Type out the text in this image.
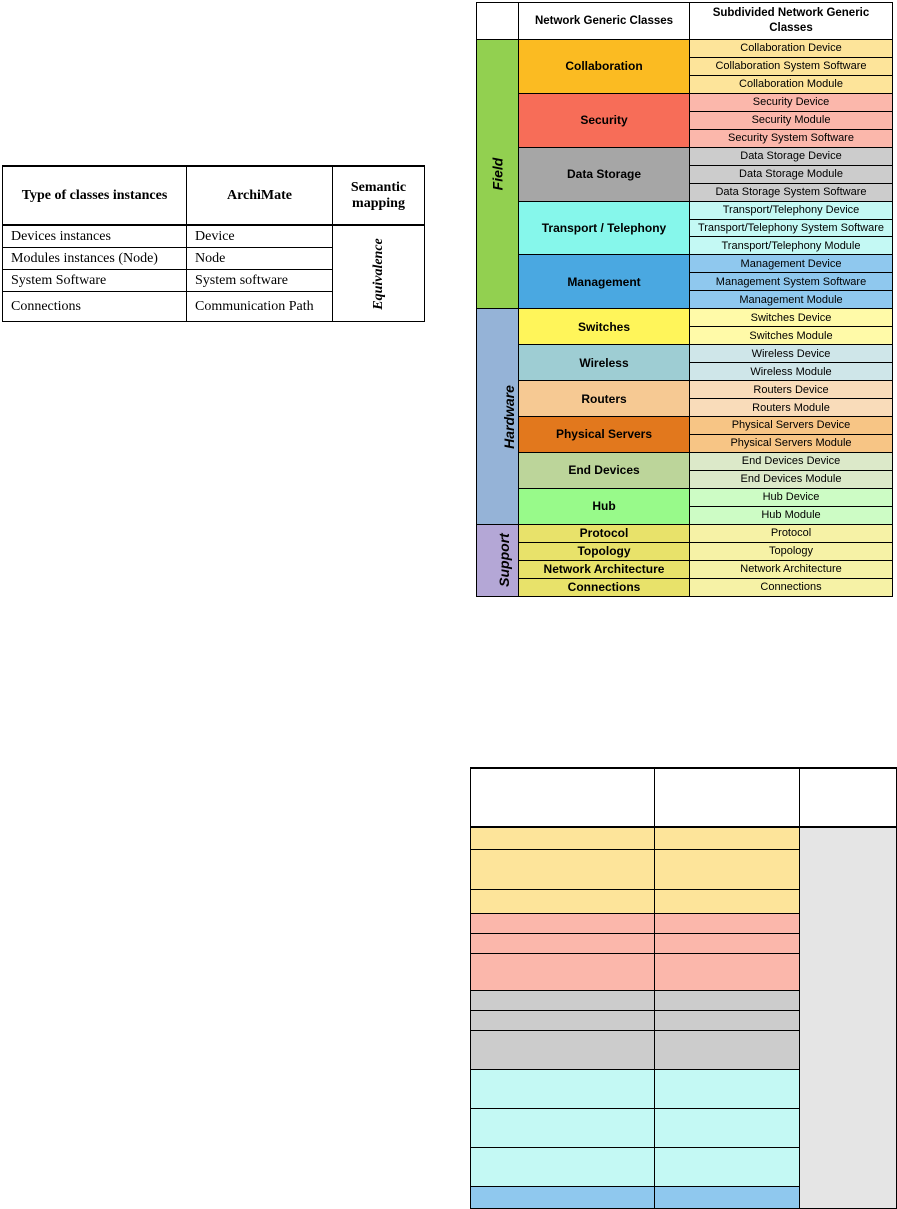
Type of classes instances	ArchiMate	Semantic mapping
Devices instances	Device	Equivalence
Modules instances (Node)	Node	
System Software	System software	
Connections	Communication Path	
	Network Generic Classes	Subdivided Network Generic Classes
Field	Collaboration	Collaboration Device
		Collaboration System Software
		Collaboration Module
	Security	Security Device
		Security Module
		Security System Software
	Data Storage	Data Storage Device
		Data Storage Module
		Data Storage System Software
	Transport / Telephony	Transport/Telephony Device
		Transport/Telephony System Software
		Transport/Telephony Module
	Management	Management Device
		Management System Software
		Management Module
Hardware	Switches	Switches Device
		Switches Module
	Wireless	Wireless Device
		Wireless Module
	Routers	Routers Device
		Routers Module
	Physical Servers	Physical Servers Device
		Physical Servers Module
	End Devices	End Devices Device
		End Devices Module
	Hub	Hub Device
		Hub Module
Support	Protocol	Protocol
	Topology	Topology
	Network Architecture	Network Architecture
	Connections	Connections
